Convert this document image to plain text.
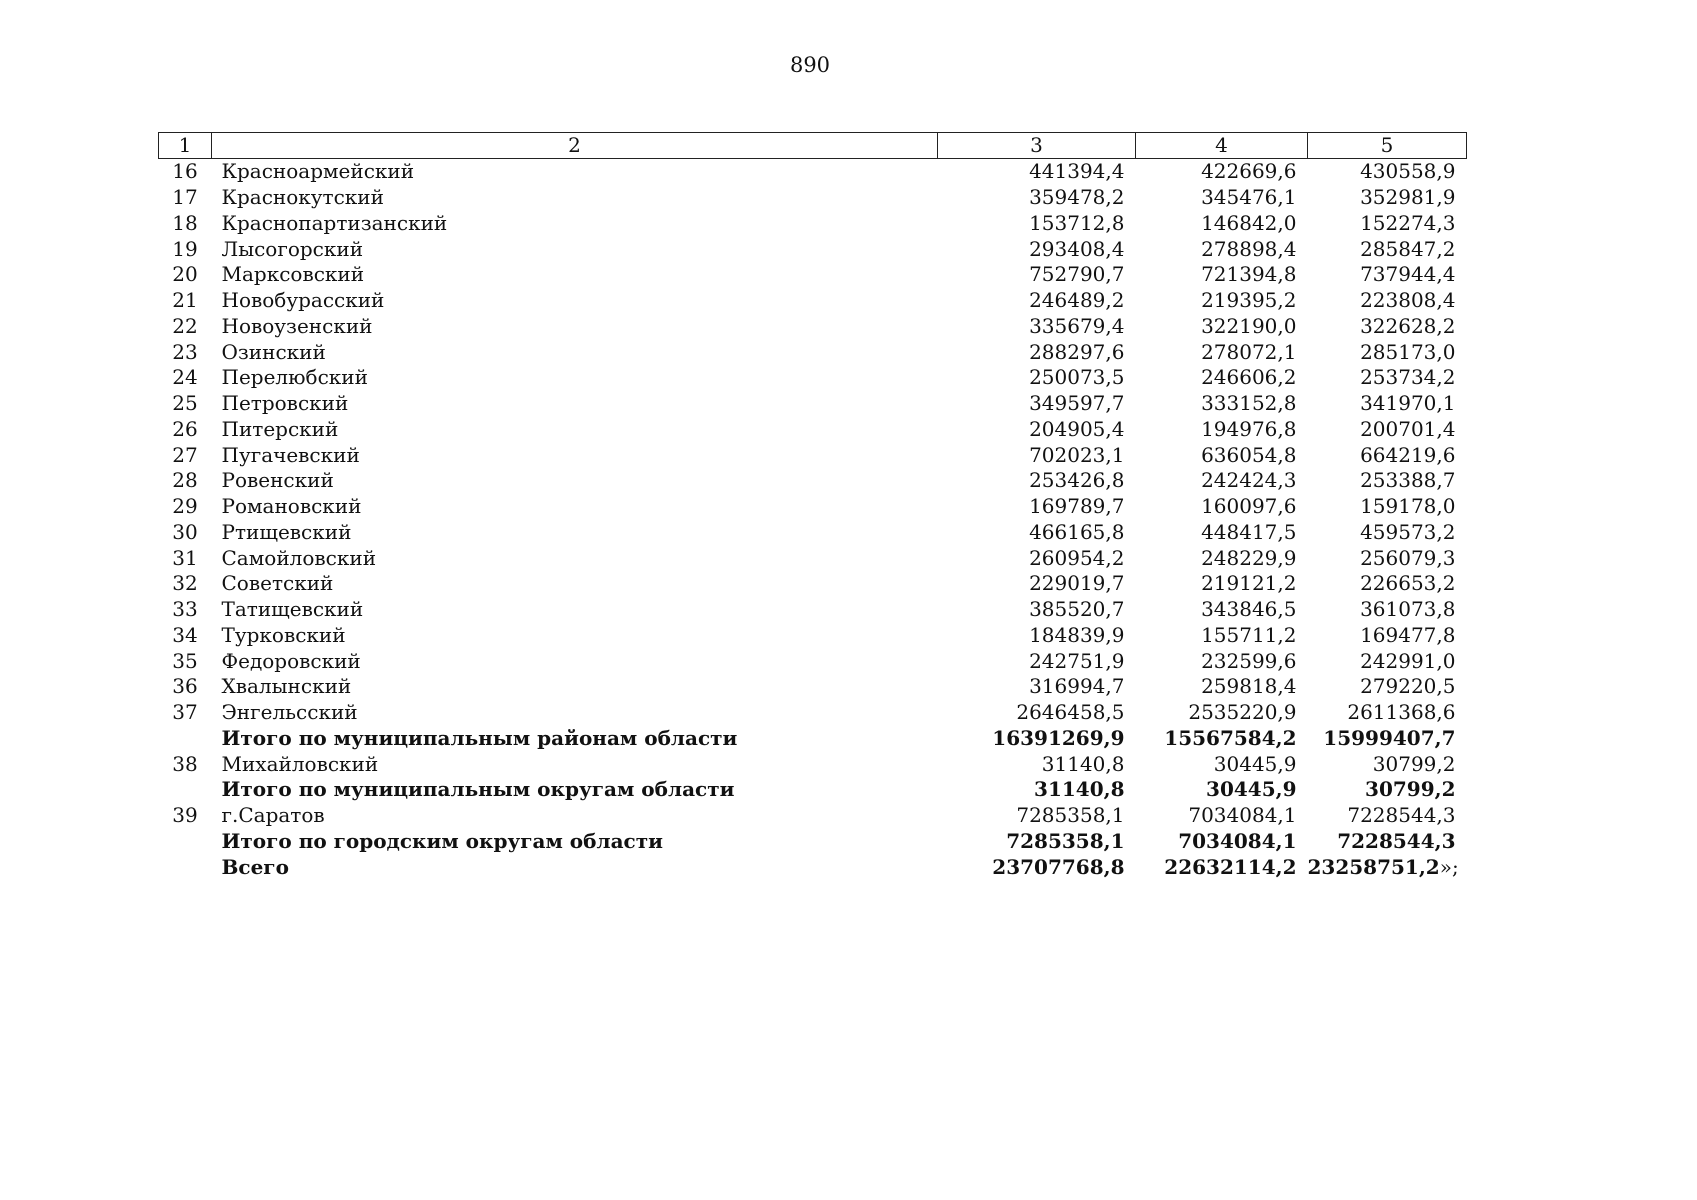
890
1	2	3	4	5
16	Красноармейский	441394,4	422669,6	430558,9
17	Краснокутский	359478,2	345476,1	352981,9
18	Краснопартизанский	153712,8	146842,0	152274,3
19	Лысогорский	293408,4	278898,4	285847,2
20	Марксовский	752790,7	721394,8	737944,4
21	Новобурасский	246489,2	219395,2	223808,4
22	Новоузенский	335679,4	322190,0	322628,2
23	Озинский	288297,6	278072,1	285173,0
24	Перелюбский	250073,5	246606,2	253734,2
25	Петровский	349597,7	333152,8	341970,1
26	Питерский	204905,4	194976,8	200701,4
27	Пугачевский	702023,1	636054,8	664219,6
28	Ровенский	253426,8	242424,3	253388,7
29	Романовский	169789,7	160097,6	159178,0
30	Ртищевский	466165,8	448417,5	459573,2
31	Самойловский	260954,2	248229,9	256079,3
32	Советский	229019,7	219121,2	226653,2
33	Татищевский	385520,7	343846,5	361073,8
34	Турковский	184839,9	155711,2	169477,8
35	Федоровский	242751,9	232599,6	242991,0
36	Хвалынский	316994,7	259818,4	279220,5
37	Энгельсский	2646458,5	2535220,9	2611368,6
	Итого по муниципальным районам области	16391269,9	15567584,2	15999407,7
38	Михайловский	31140,8	30445,9	30799,2
	Итого по муниципальным округам области	31140,8	30445,9	30799,2
39	г.Саратов	7285358,1	7034084,1	7228544,3
	Итого по городским округам области	7285358,1	7034084,1	7228544,3
	Всего	23707768,8	22632114,2	23258751,2»;
